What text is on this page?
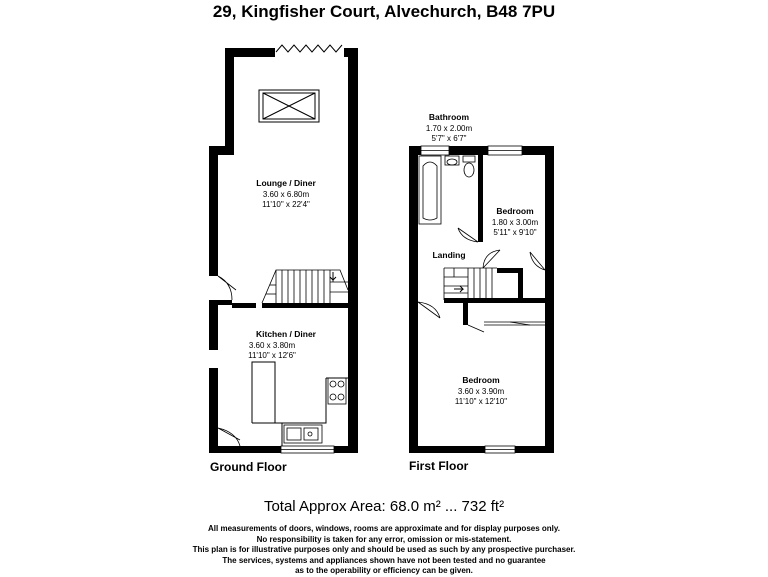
29, Kingfisher Court, Alvechurch, B48 7PU
Lounge / Diner
3.60 x 6.80m
11'10" x 22'4"
Kitchen / Diner
3.60 x 3.80m
11'10" x 12'6"
Bathroom
1.70 x 2.00m
5'7" x 6'7"
Bedroom
1.80 x 3.00m
5'11" x 9'10"
Landing
Bedroom
3.60 x 3.90m
11'10" x 12'10"
Ground Floor	First Floor
Total Approx Area: 68.0 m² ... 732 ft²
All measurements of doors, windows, rooms are approximate and for display purposes only.
No responsibility is taken for any error, omission or mis-statement.
This plan is for illustrative purposes only and should be used as such by any prospective purchaser.
The services, systems and appliances shown have not been tested and no guarantee
as to the operability or efficiency can be given.
